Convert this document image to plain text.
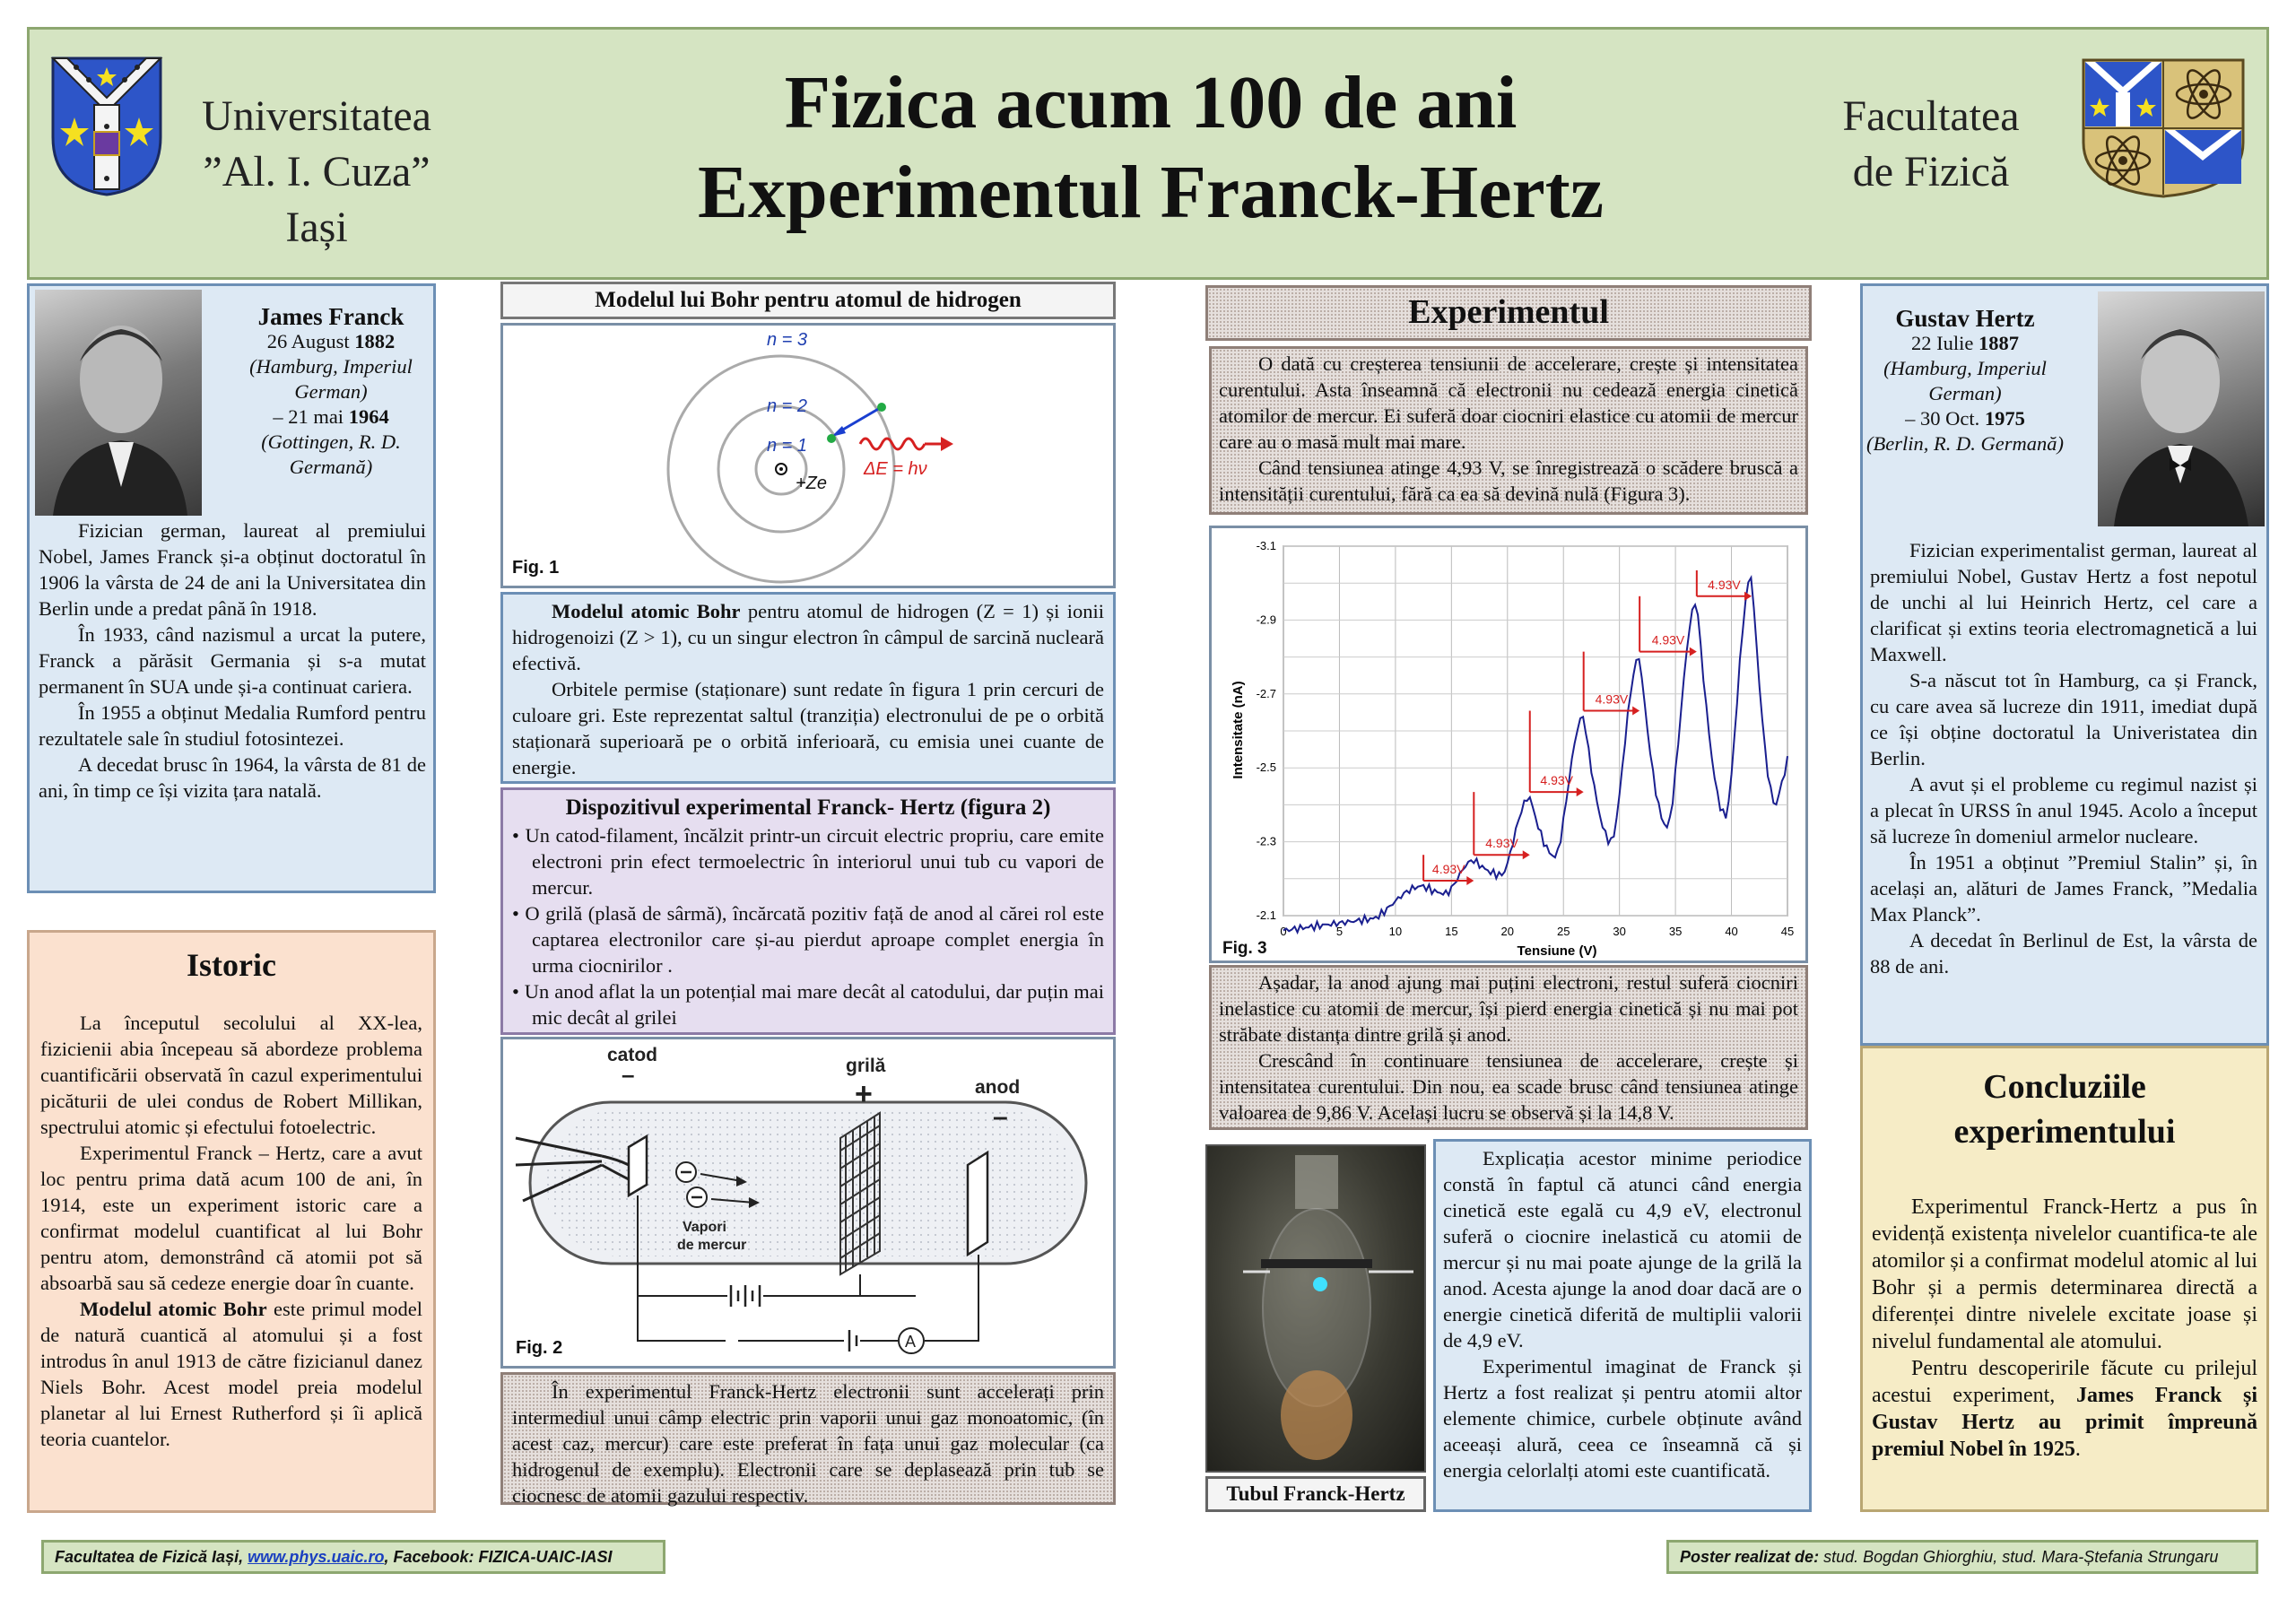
Universitatea
”Al. I. Cuza” Iași
Fizica acum 100 de ani
Experimentul Franck-Hertz
Facultatea
de Fizică
James Franck
26 August 1882
(Hamburg, Imperiul German)
– 21 mai 1964
(Gottingen, R. D. Germană)

Fizician german, laureat al premiului Nobel, James Franck și-a obținut doctoratul în 1906 la vârsta de 24 de ani la Universitatea din Berlin unde a predat până în 1918.

În 1933, când nazismul a urcat la putere, Franck a părăsit Germania și s-a mutat permanent în SUA unde și-a continuat cariera.

În 1955 a obținut Medalia Rumford pentru rezultatele sale în studiul fotosintezei.

A decedat brusc în 1964, la vârsta de 81 de ani, în timp ce își vizita țara natală.

Istoric

La începutul secolului al XX-lea, fizicienii abia începeau să abordeze problema cuantificării observată în cazul experimentului picăturii de ulei condus de Robert Millikan, spectrului atomic și efectului fotoelectric.

Experimentul Franck – Hertz, care a avut loc pentru prima dată acum 100 de ani, în 1914, este un experiment istoric care a confirmat modelul cuantificat al lui Bohr pentru atom, demonstrând că atomii pot să absoarbă sau să cedeze energie doar în cuante.

Modelul atomic Bohr este primul model de natură cuantică al atomului și a fost introdus în anul 1913 de către fizicianul danez Niels Bohr. Acest model preia modelul planetar al lui Ernest Rutherford și îi aplică teoria cuantelor.

Modelul lui Bohr pentru atomul de hidrogen
n = 3
n = 2
n = 1
+Ze
ΔE = hν
Fig. 1

Modelul atomic Bohr pentru atomul de hidrogen (Z = 1) și ionii hidrogenoizi (Z > 1), cu un singur electron în câmpul de sarcină nucleară efectivă.

Orbitele permise (staționare) sunt redate în figura 1 prin cercuri de culoare gri. Este reprezentat saltul (tranziția) electronului de pe o orbită staționară superioară pe o orbită inferioară, cu emisia unei cuante de energie.

Dispozitivul experimental Franck- Hertz (figura 2)

• Un catod-filament, încălzit printr-un circuit electric propriu, care emite electroni prin efect termoelectric în interiorul unui tub cu vapori de mercur.

• O grilă (plasă de sârmă), încărcată pozitiv față de anod al cărei rol este captarea electronilor care și-au pierdut aproape complet energia în urma ciocnirilor .

• Un anod aflat la un potențial mai mare decât al catodului, dar puțin mai mic decât al grilei

Vapori
de mercur
catod
–	grilă
+	anod
–
A
Fig. 2

În experimentul Franck-Hertz electronii sunt accelerați prin intermediul unui câmp electric prin vaporii unui gaz monoatomic, (în acest caz, mercur) care este preferat în fața unui gaz molecular (ca hidrogenul de exemplu). Electronii care se deplasează prin tub se ciocnesc de atomii gazului respectiv.

Experimentul

O dată cu creșterea tensiunii de accelerare, crește și intensitatea curentului. Asta înseamnă că electronii nu cedează energia cinetică atomilor de mercur. Ei suferă doar ciocniri elastice cu atomii de mercur care au o masă mult mai mare.

Când tensiunea atinge 4,93 V, se înregistrează o scădere bruscă a intensității curentului, fără ca ea să devină nulă (Figura 3).

-3.1
-2.9
-2.7
-2.5
-2.3
-2.1
0	5	10	15	20	25	30	35	40	45
4.93V
4.93V
4.93V
4.93V
4.93V
4.93V
Tensiune (V)
Intensitate (nA)
Fig. 3

Așadar, la anod ajung mai puțini electroni, restul suferă ciocniri inelastice cu atomii de mercur, își pierd energia cinetică și nu mai pot străbate distanța dintre grilă și anod.

Crescând în continuare tensiunea de accelerare, crește și intensitatea curentului. Din nou, ea scade brusc când tensiunea atinge valoarea de 9,86 V. Același lucru se observă și la 14,8 V.

Tubul Franck-Hertz

Explicația acestor minime periodice constă în faptul că atunci când energia cinetică este egală cu 4,9 eV, electronul suferă o ciocnire inelastică cu atomii de mercur și nu mai poate ajunge de la grilă la anod. Acesta ajunge la anod doar dacă are o energie cinetică diferită de multiplii valorii de 4,9 eV.

Experimentul imaginat de Franck și Hertz a fost realizat și pentru atomii altor elemente chimice, curbele obținute având aceeași alură, ceea ce înseamnă că și energia celorlalți atomi este cuantificată.

Gustav Hertz
22 Iulie 1887
(Hamburg, Imperiul German)
– 30 Oct. 1975
(Berlin, R. D. Germană)

Fizician experimentalist german, laureat al premiului Nobel, Gustav Hertz a fost nepotul de unchi al lui Heinrich Hertz, cel care a clarificat și extins teoria electromagnetică a lui Maxwell.

S-a născut tot în Hamburg, ca și Franck, cu care avea să lucreze din 1911, imediat după ce își obține doctoratul la Univeristatea din Berlin.

A avut și el probleme cu regimul nazist și a plecat în URSS în anul 1945. Acolo a început să lucreze în domeniul armelor nucleare.

În 1951 a obținut ”Premiul Stalin” și, în același an, alături de James Franck, ”Medalia Max Planck”.

A decedat în Berlinul de Est, la vârsta de 88 de ani.

Concluziile experimentului

Experimentul Franck-Hertz a pus în evidență existența nivelelor cuantifica-te ale atomilor și a confirmat modelul atomic al lui Bohr și a permis determinarea directă a diferenței dintre nivelele excitate joase și nivelul fundamental ale atomului.

Pentru descoperirile făcute cu prilejul acestui experiment, James Franck și Gustav Hertz au primit împreună premiul Nobel în 1925.

Facultatea de Fizică Iași, www.phys.uaic.ro, Facebook: FIZICA-UAIC-IASI	Poster realizat de: stud. Bogdan Ghiorghiu, stud. Mara-Ștefania Strungaru
